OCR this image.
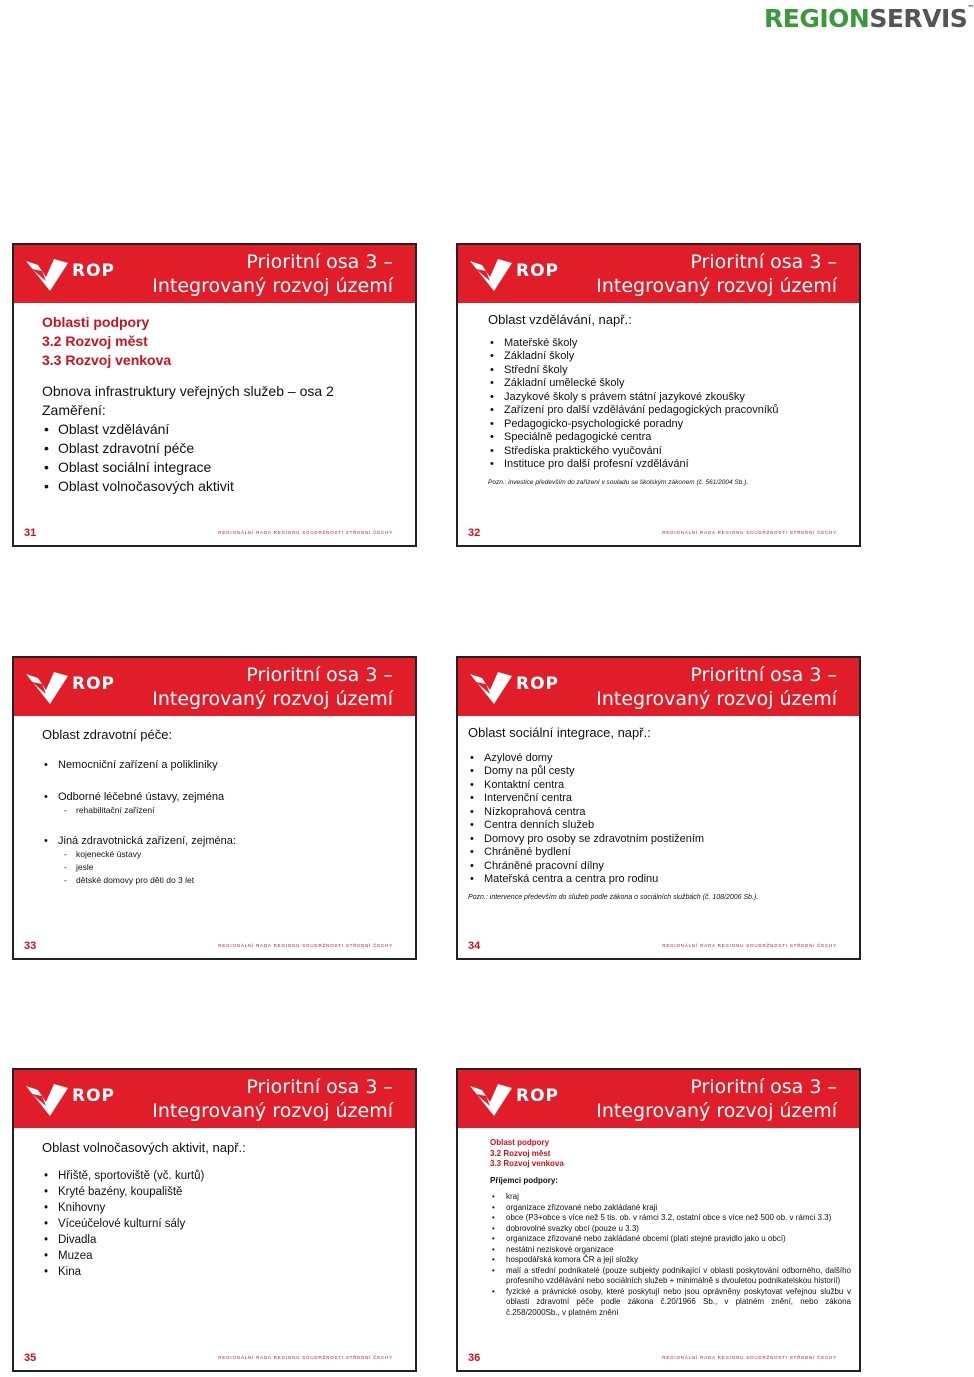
REGIONSERVIS™
ROP	Prioritní osa 3 –
Integrovaný rozvoj území
Oblasti podpory
3.2 Rozvoj měst
3.3 Rozvoj venkova
Obnova infrastruktury veřejných služeb – osa 2
Zaměření:
• Oblast vzdělávání
• Oblast zdravotní péče
• Oblast sociální integrace
• Oblast volnočasových aktivit
31	REGIONÁLNÍ RADA REGIONU SOUDRŽNOSTI STŘEDNÍ ČECHY
ROP	Prioritní osa 3 –
Integrovaný rozvoj území
Oblast vzdělávání, např.:
• Mateřské školy
• Základní školy
• Střední školy
• Základní umělecké školy
• Jazykové školy s právem státní jazykové zkoušky
• Zařízení pro další vzdělávání pedagogických pracovníků
• Pedagogicko-psychologické poradny
• Speciálně pedagogické centra
• Střediska praktického vyučování
• Instituce pro další profesní vzdělávání
Pozn.: investice především do zařízení v souladu se školským zákonem (č. 561/2004 Sb.).
32	REGIONÁLNÍ RADA REGIONU SOUDRŽNOSTI STŘEDNÍ ČECHY
ROP	Prioritní osa 3 –
Integrovaný rozvoj území
Oblast zdravotní péče:
• Nemocniční zařízení a polikliniky
• Odborné léčebné ústavy, zejména
- rehabilitační zařízení
• Jiná zdravotnická zařízení, zejména:
- kojenecké ústavy
- jesle
- dětské domovy pro děti do 3 let
33	REGIONÁLNÍ RADA REGIONU SOUDRŽNOSTI STŘEDNÍ ČECHY
ROP	Prioritní osa 3 –
Integrovaný rozvoj území
Oblast sociální integrace, např.:
• Azylové domy
• Domy na půl cesty
• Kontaktní centra
• Intervenční centra
• Nízkoprahová centra
• Centra denních služeb
• Domovy pro osoby se zdravotním postižením
• Chráněné bydlení
• Chráněné pracovní dílny
• Mateřská centra a centra pro rodinu
Pozn.: intervence především do služeb podle zákona o sociálních službách (č. 108/2006 Sb.).
34	REGIONÁLNÍ RADA REGIONU SOUDRŽNOSTI STŘEDNÍ ČECHY
ROP	Prioritní osa 3 –
Integrovaný rozvoj území
Oblast volnočasových aktivit, např.:
• Hřiště, sportoviště (vč. kurtů)
• Kryté bazény, koupaliště
• Knihovny
• Víceúčelové kulturní sály
• Divadla
• Muzea
• Kina
35	REGIONÁLNÍ RADA REGIONU SOUDRŽNOSTI STŘEDNÍ ČECHY
ROP	Prioritní osa 3 –
Integrovaný rozvoj území
Oblast podpory
3.2 Rozvoj měst
3.3 Rozvoj venkova
Příjemci podpory:
• kraj
• organizace zřizované nebo zakládané kraji
• obce (P3+obce s více než 5 tis. ob. v rámci 3.2, ostatní obce s více než 500 ob. v rámci 3.3)
• dobrovolné svazky obcí (pouze u 3.3)
• organizace zřizované nebo zakládané obcemi (platí stejné pravidlo jako u obcí)
• nestátní neziskové organizace
• hospodářská komora ČR a její složky
• malí a střední podnikatelé (pouze subjekty podnikající v oblasti poskytování odborného, dalšího profesního vzdělávání nebo sociálních služeb + minimálně s dvouletou podnikatelskou historií)
• fyzické a právnické osoby, které poskytují nebo jsou oprávněny poskytovat veřejnou službu v oblasti zdravotní péče podle zákona č.20/1966 Sb., v platném znění, nebo zákona č.258/2000Sb., v platném znění
36	REGIONÁLNÍ RADA REGIONU SOUDRŽNOSTI STŘEDNÍ ČECHY
